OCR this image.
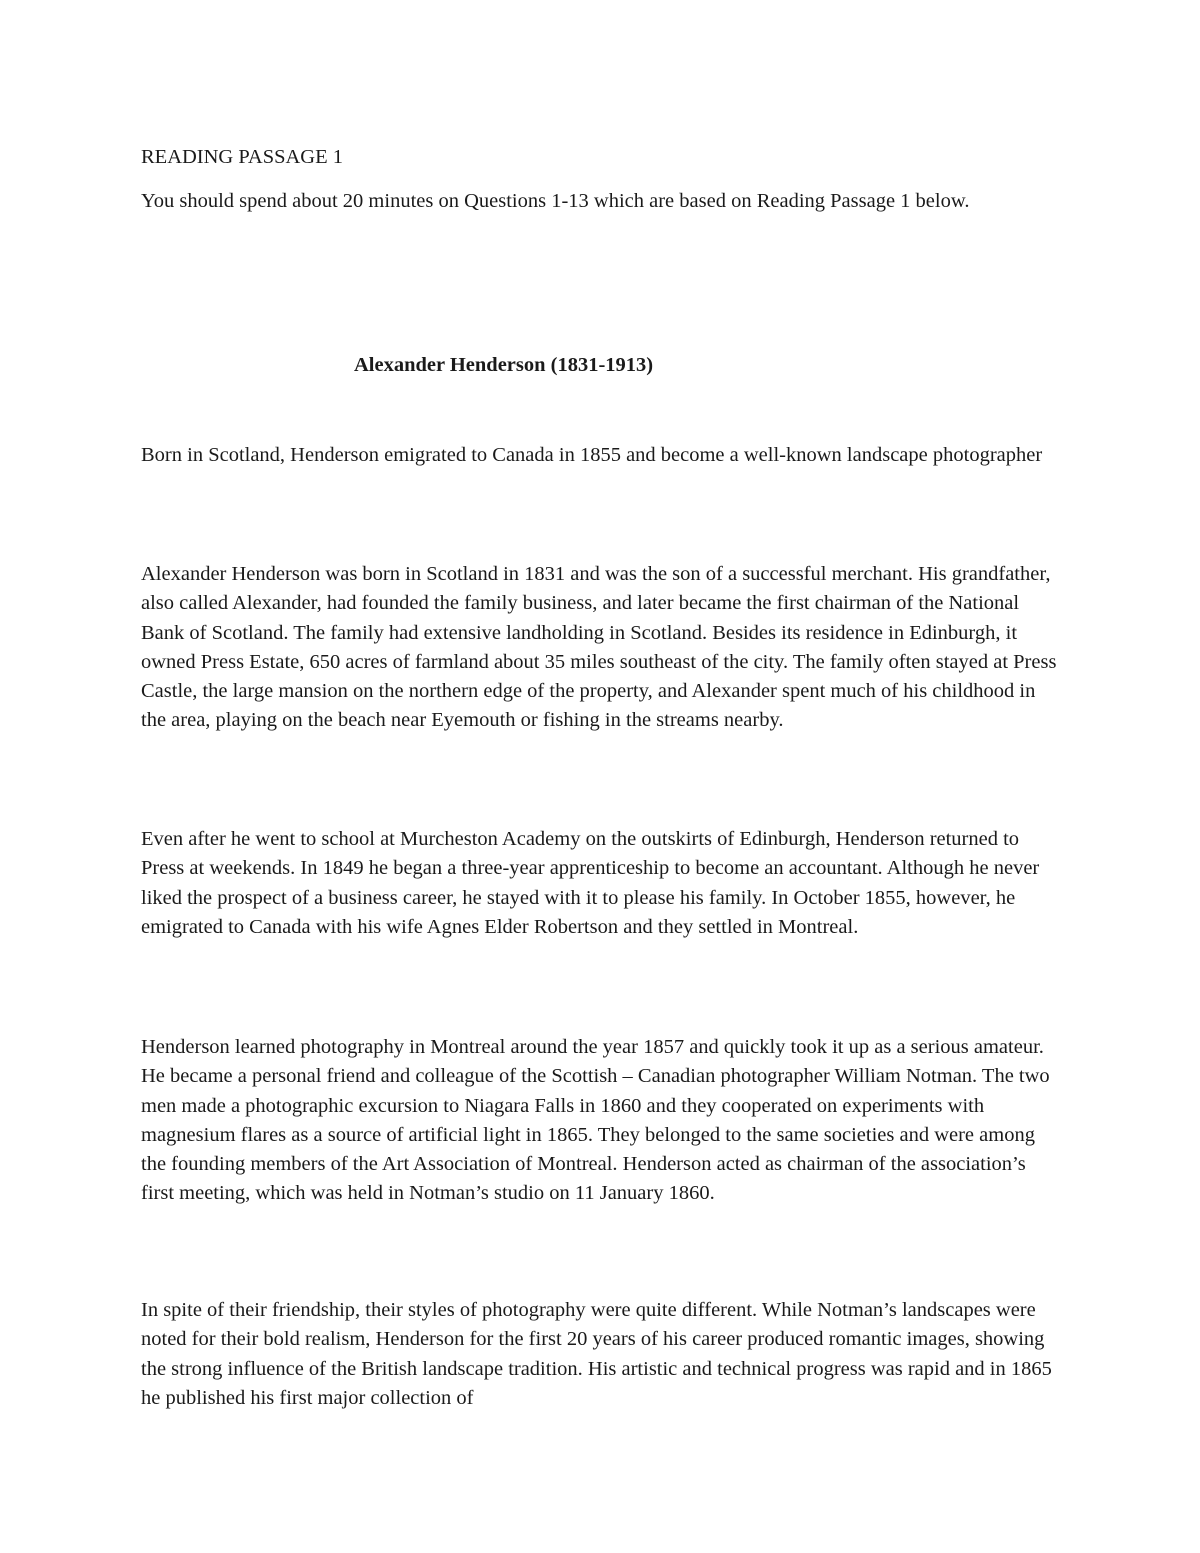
READING PASSAGE 1

You should spend about 20 minutes on Questions 1-13 which are based on Reading Passage 1 below.

Alexander Henderson (1831-1913)

Born in Scotland, Henderson emigrated to Canada in 1855 and become a well-known landscape photographer

Alexander Henderson was born in Scotland in 1831 and was the son of a successful merchant. His grandfather, also called Alexander, had founded the family business, and later became the first chairman of the National Bank of Scotland. The family had extensive landholding in Scotland. Besides its residence in Edinburgh, it owned Press Estate, 650 acres of farmland about 35 miles southeast of the city. The family often stayed at Press Castle, the large mansion on the northern edge of the property, and Alexander spent much of his childhood in the area, playing on the beach near Eyemouth or fishing in the streams nearby.

Even after he went to school at Murcheston Academy on the outskirts of Edinburgh, Henderson returned to Press at weekends. In 1849 he began a three-year apprenticeship to become an accountant. Although he never liked the prospect of a business career, he stayed with it to please his family. In October 1855, however, he emigrated to Canada with his wife Agnes Elder Robertson and they settled in Montreal.

Henderson learned photography in Montreal around the year 1857 and quickly took it up as a serious amateur. He became a personal friend and colleague of the Scottish – Canadian photographer William Notman. The two men made a photographic excursion to Niagara Falls in 1860 and they cooperated on experiments with magnesium flares as a source of artificial light in 1865. They belonged to the same societies and were among the founding members of the Art Association of Montreal. Henderson acted as chairman of the association’s first meeting, which was held in Notman’s studio on 11 January 1860.

In spite of their friendship, their styles of photography were quite different. While Notman’s landscapes were noted for their bold realism, Henderson for the first 20 years of his career produced romantic images, showing the strong influence of the British landscape tradition. His artistic and technical progress was rapid and in 1865 he published his first major collection of
